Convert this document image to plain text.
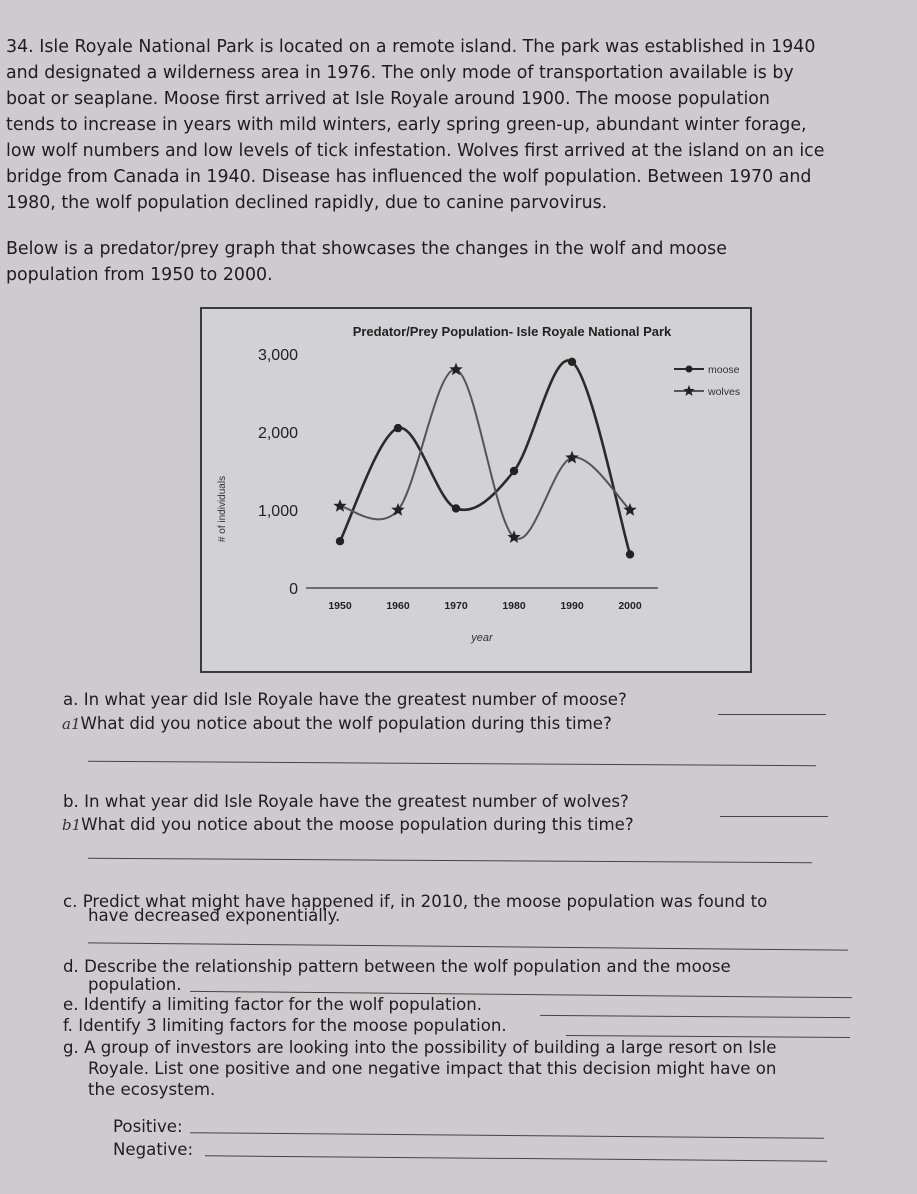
34. Isle Royale National Park is located on a remote island. The park was established in 1940
and designated a wilderness area in 1976. The only mode of transportation available is by
boat or seaplane. Moose first arrived at Isle Royale around 1900. The moose population
tends to increase in years with mild winters, early spring green-up, abundant winter forage,
low wolf numbers and low levels of tick infestation. Wolves first arrived at the island on an ice
bridge from Canada in 1940. Disease has influenced the wolf population. Between 1970 and
1980, the wolf population declined rapidly, due to canine parvovirus.

Below is a predator/prey graph that showcases the changes in the wolf and moose
population from 1950 to 2000.

Predator/Prey Population- Isle Royale National Park
# of individuals
year
0
1,000
2,000
3,000
1950	1960	1970	1980	1990	2000
moose
wolves
a. In what year did Isle Royale have the greatest number of moose?
a1What did you notice about the wolf population during this time?
b. In what year did Isle Royale have the greatest number of wolves?
b1What did you notice about the moose population during this time?
c. Predict what might have happened if, in 2010, the moose population was found to
have decreased exponentially.
d. Describe the relationship pattern between the wolf population and the moose
population.
e. Identify a limiting factor for the wolf population.
f. Identify 3 limiting factors for the moose population.
g. A group of investors are looking into the possibility of building a large resort on Isle
Royale. List one positive and one negative impact that this decision might have on
the ecosystem.
Positive:
Negative:
